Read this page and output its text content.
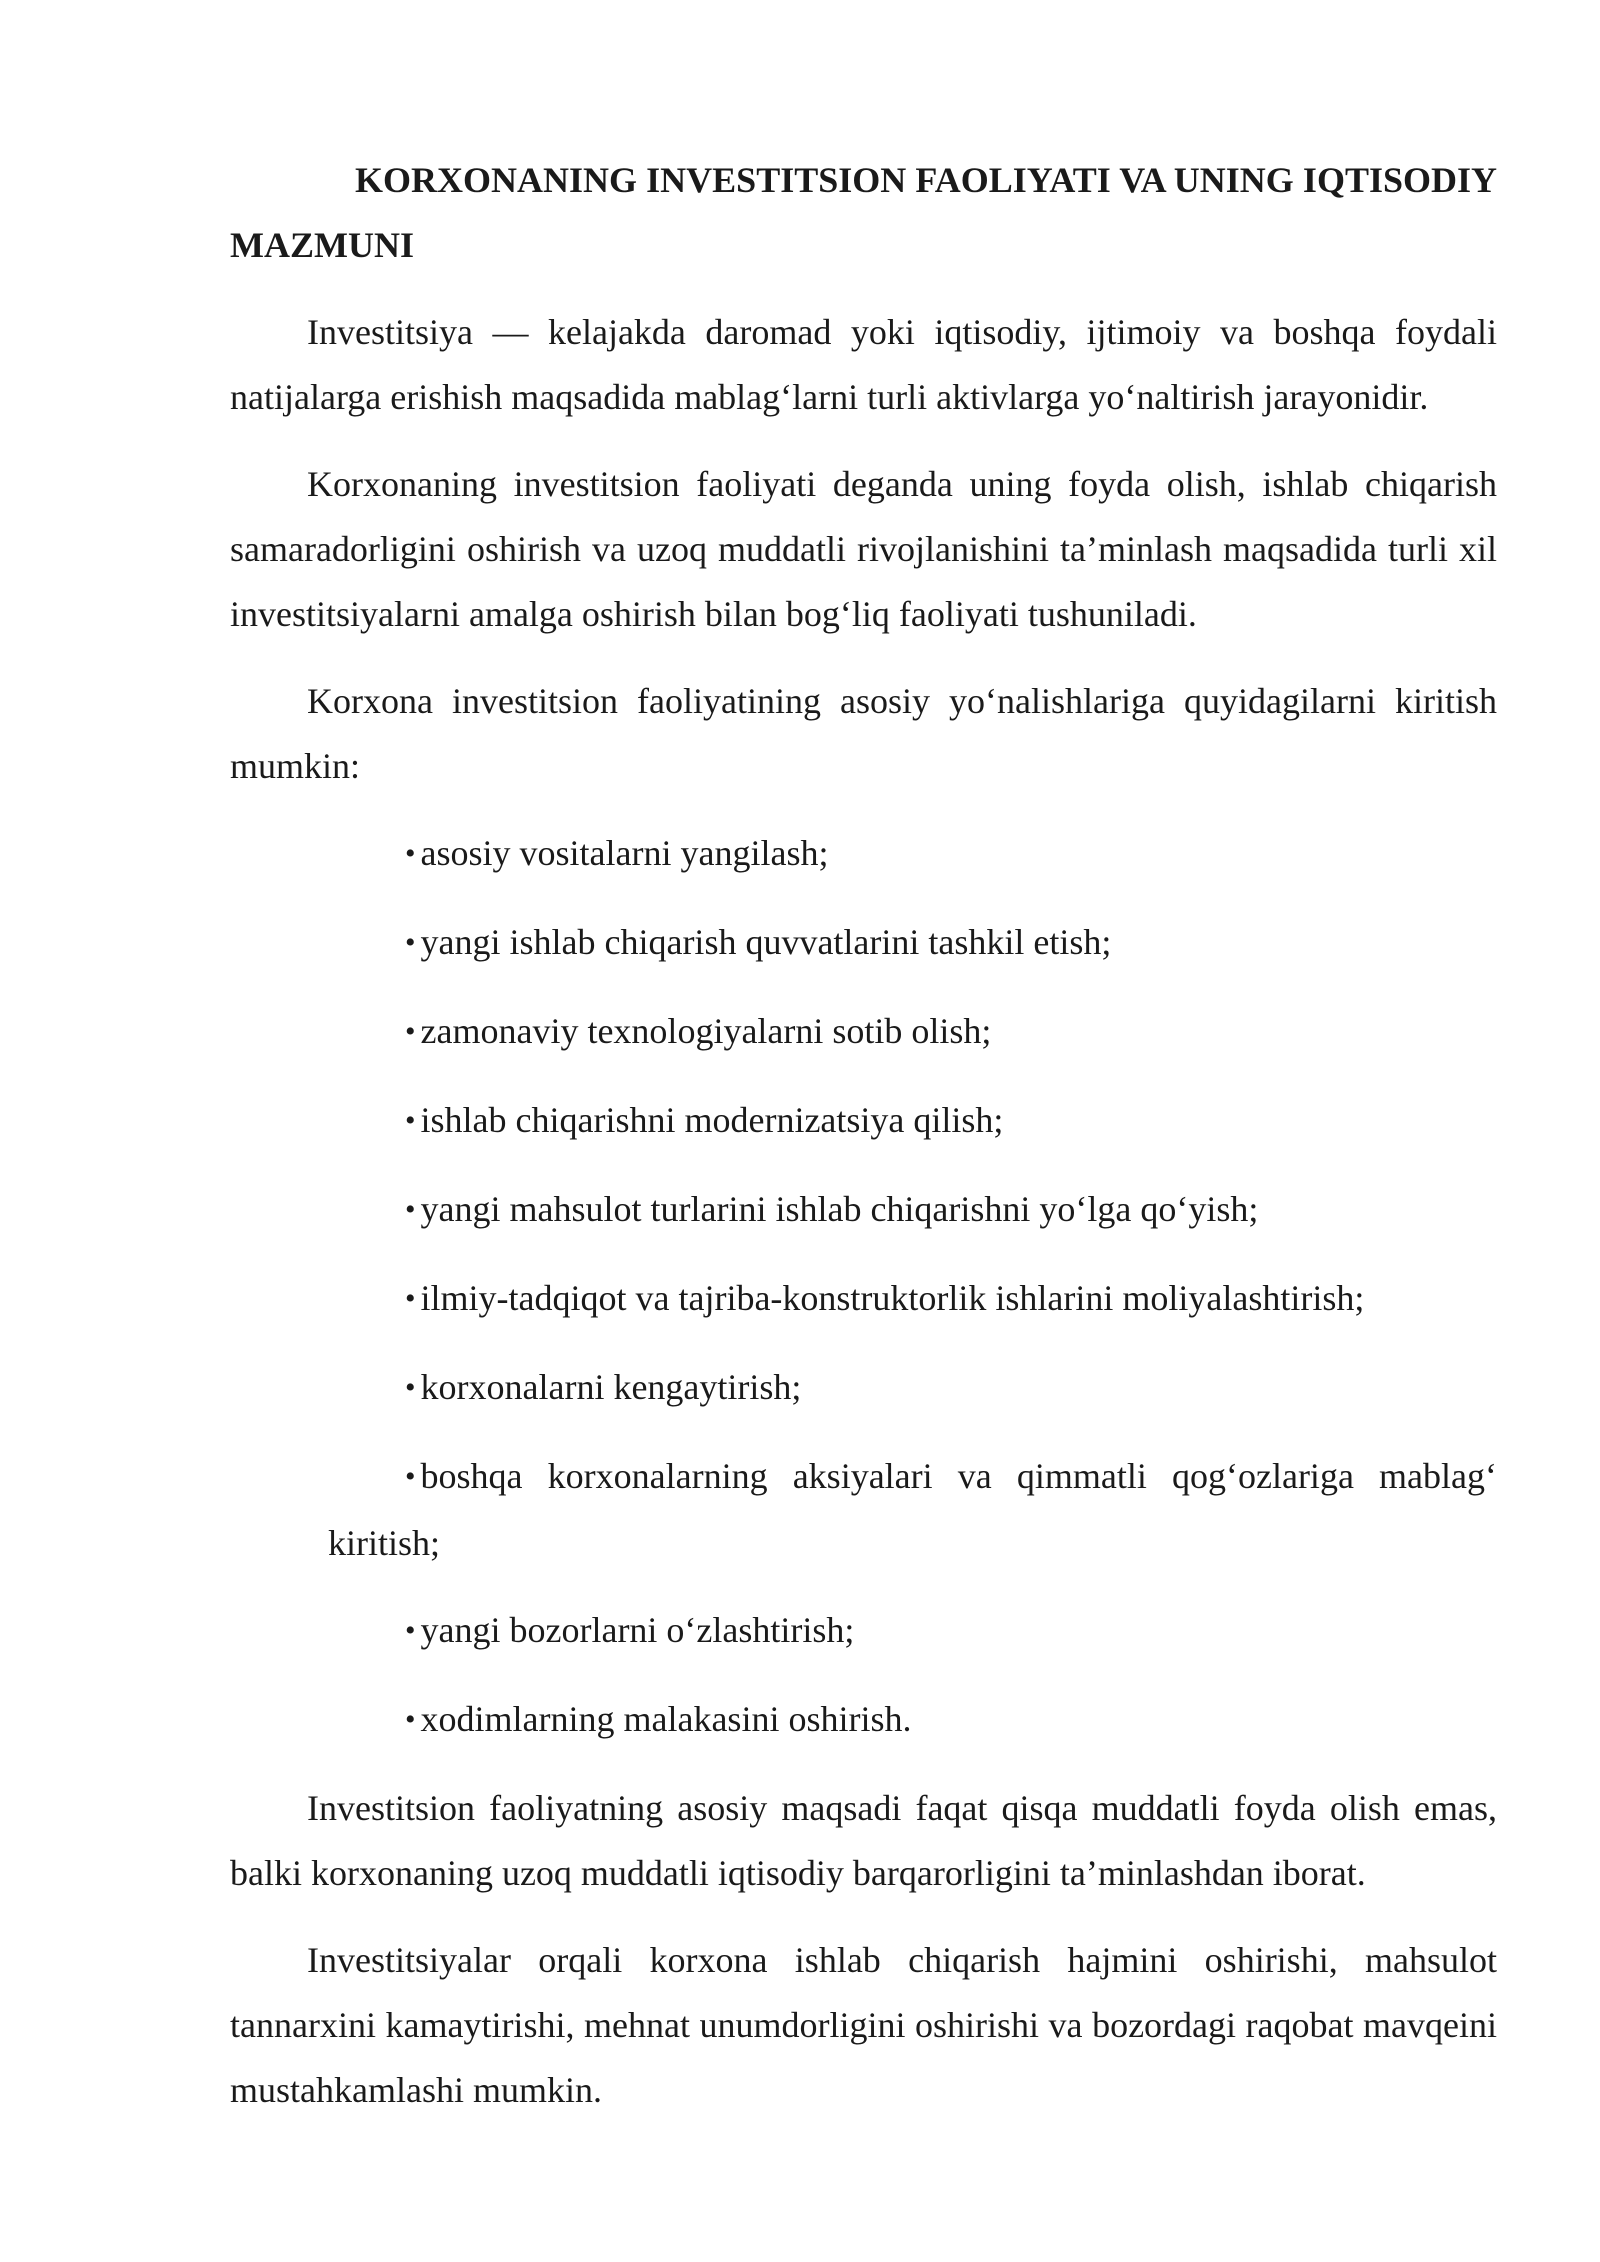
KORXONANING INVESTITSION FAOLIYATI VA UNING IQTISODIY MAZMUNI

Investitsiya — kelajakda daromad yoki iqtisodiy, ijtimoiy va boshqa foydali natijalarga erishish maqsadida mablag‘larni turli aktivlarga yo‘naltirish jarayonidir.

Korxonaning investitsion faoliyati deganda uning foyda olish, ishlab chiqarish samaradorligini oshirish va uzoq muddatli rivojlanishini ta’minlash maqsadida turli xil investitsiyalarni amalga oshirish bilan bog‘liq faoliyati tushuniladi.

Korxona investitsion faoliyatining asosiy yo‘nalishlariga quyidagilarni kiritish mumkin:

• asosiy vositalarni yangilash;
• yangi ishlab chiqarish quvvatlarini tashkil etish;
• zamonaviy texnologiyalarni sotib olish;
• ishlab chiqarishni modernizatsiya qilish;
• yangi mahsulot turlarini ishlab chiqarishni yo‘lga qo‘yish;
• ilmiy-tadqiqot va tajriba-konstruktorlik ishlarini moliyalashtirish;
• korxonalarni kengaytirish;
• boshqa korxonalarning aksiyalari va qimmatli qog‘ozlariga mablag‘ kiritish;
• yangi bozorlarni o‘zlashtirish;
• xodimlarning malakasini oshirish.

Investitsion faoliyatning asosiy maqsadi faqat qisqa muddatli foyda olish emas, balki korxonaning uzoq muddatli iqtisodiy barqarorligini ta’minlashdan iborat.

Investitsiyalar orqali korxona ishlab chiqarish hajmini oshirishi, mahsulot tannarxini kamaytirishi, mehnat unumdorligini oshirishi va bozordagi raqobat mavqeini mustahkamlashi mumkin.
